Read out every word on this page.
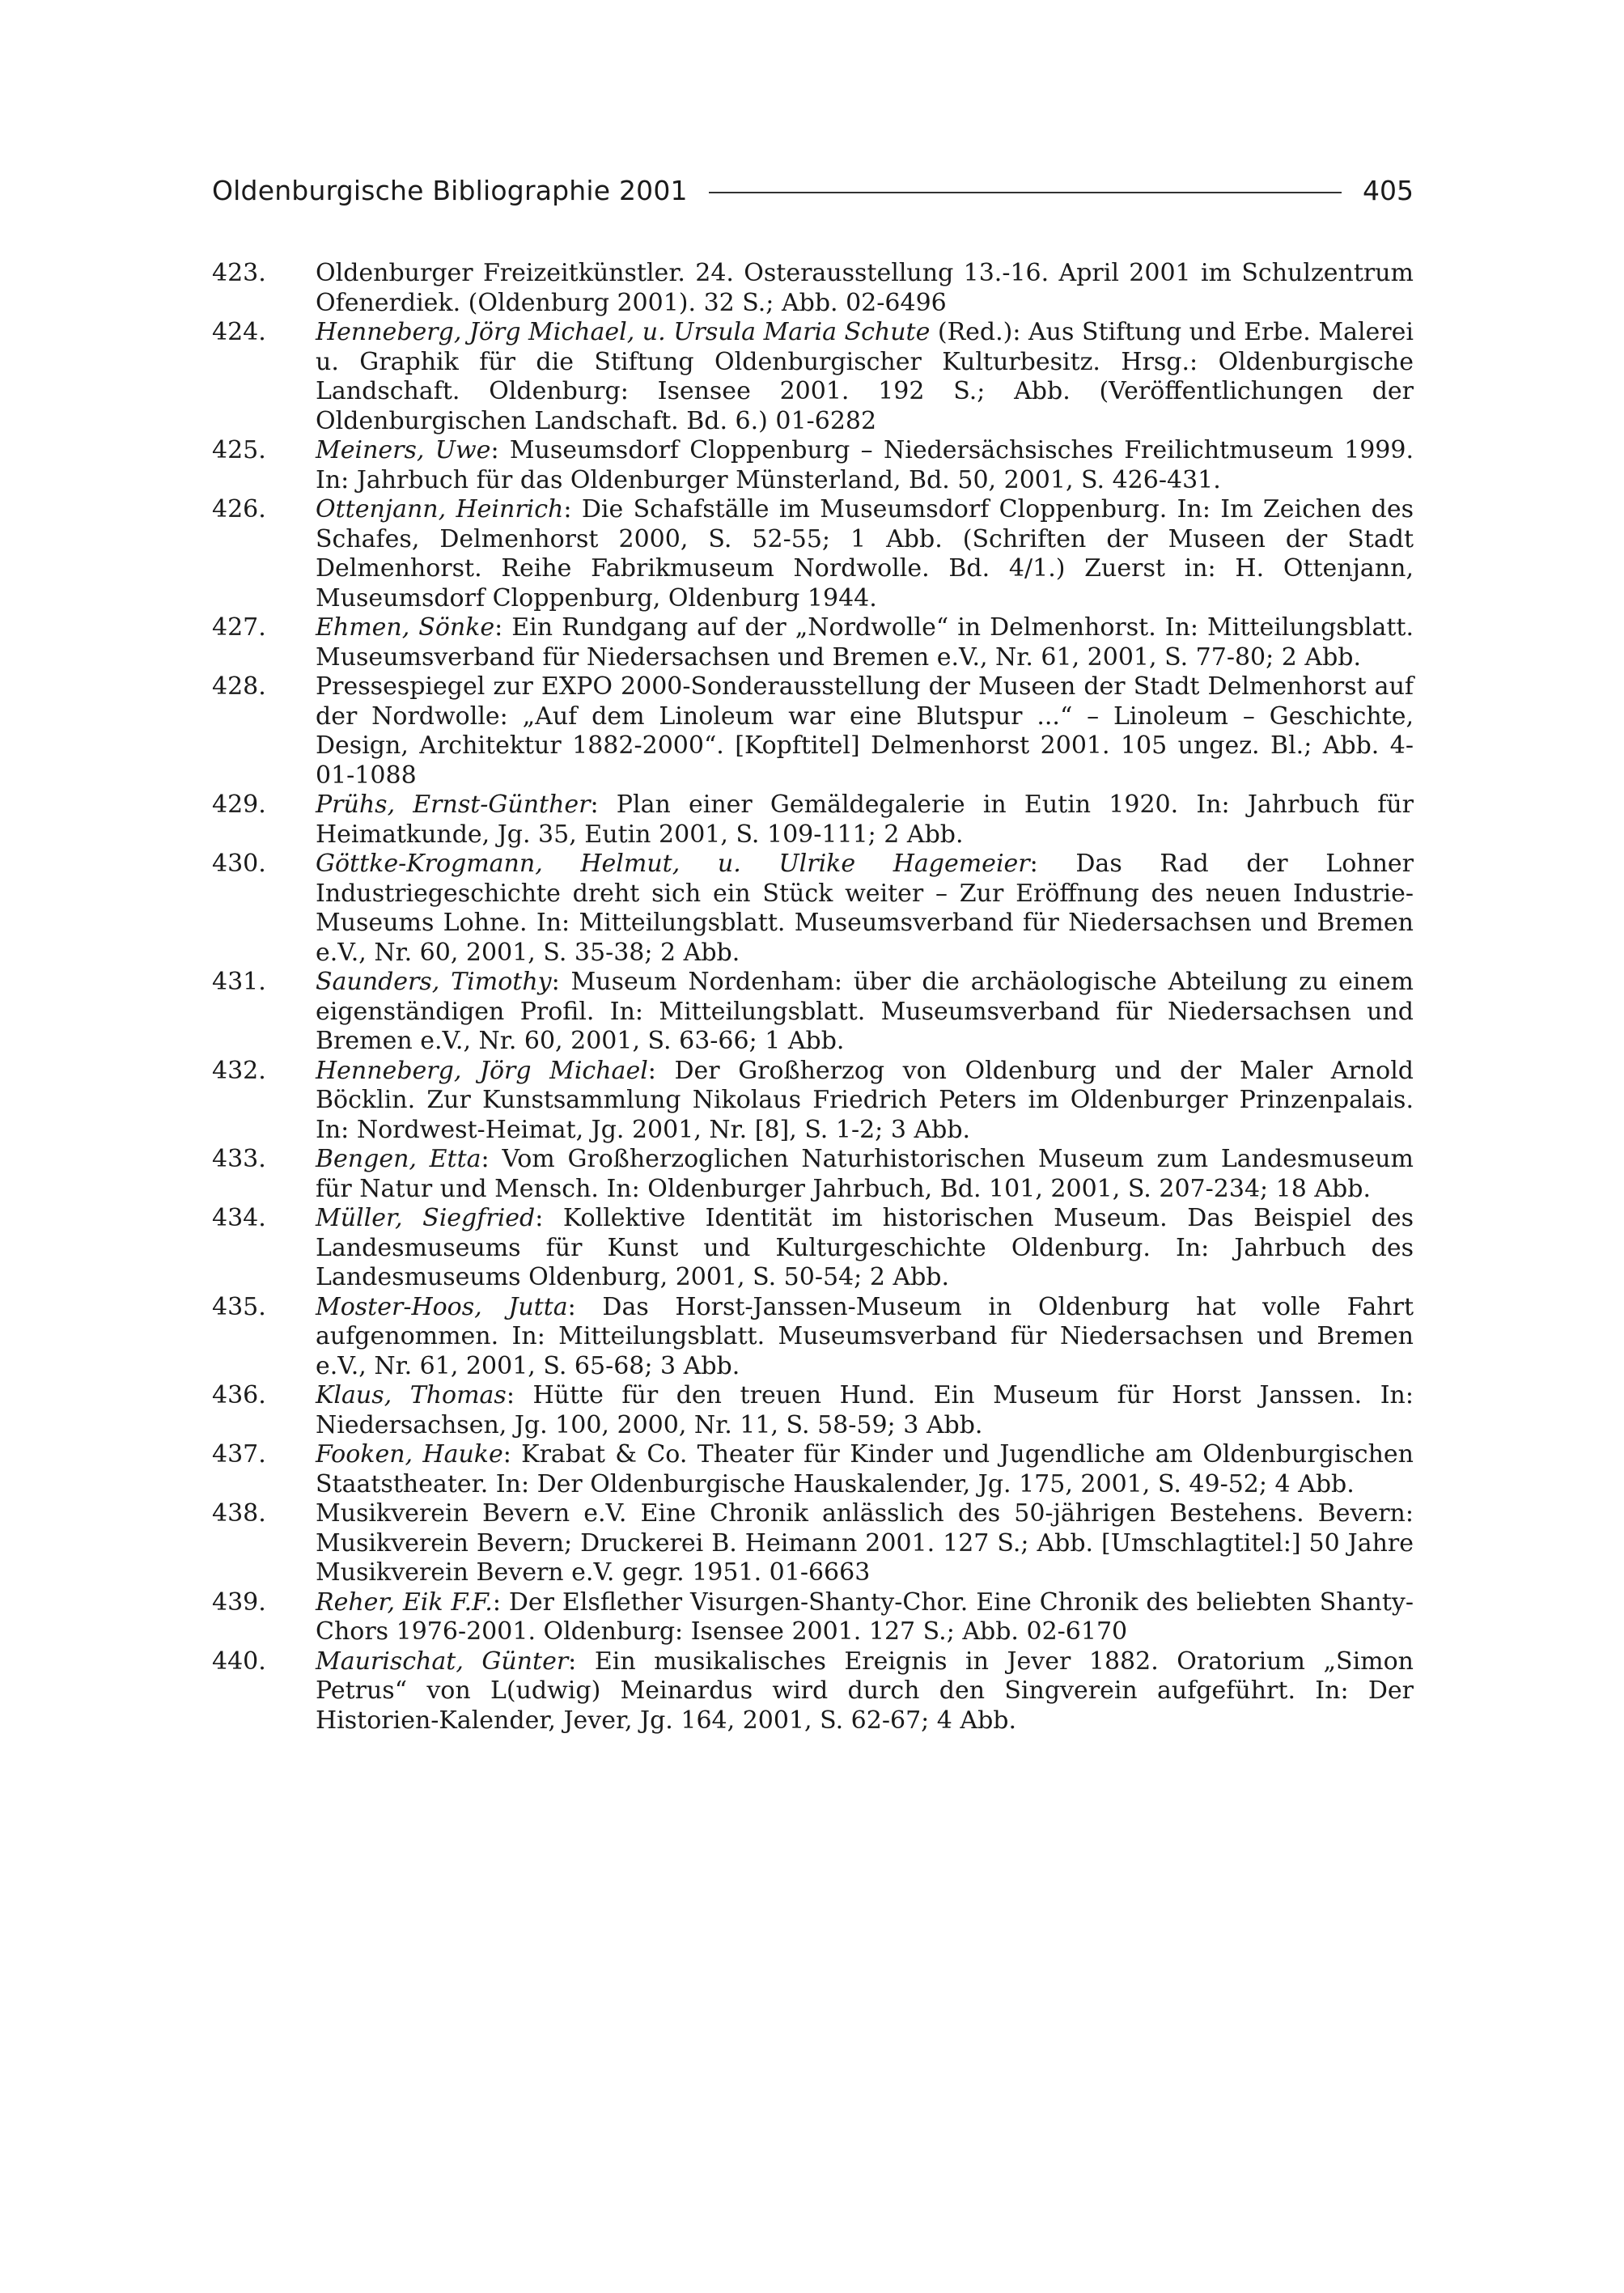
Oldenburgische Bibliographie 2001	405
423.	Oldenburger Freizeitkünstler. 24. Osterausstellung 13.-16. April 2001 im Schulzentrum Ofenerdiek. (Oldenburg 2001). 32 S.; Abb. 02-6496
424.	Henneberg, Jörg Michael, u. Ursula Maria Schute (Red.): Aus Stiftung und Erbe. Malerei u. Graphik für die Stiftung Oldenburgischer Kulturbesitz. Hrsg.: Oldenburgische Landschaft. Oldenburg: Isensee 2001. 192 S.; Abb. (Veröffentlichungen der Oldenburgischen Landschaft. Bd. 6.) 01-6282
425.	Meiners, Uwe: Museumsdorf Cloppenburg – Niedersächsisches Freilichtmuseum 1999. In: Jahrbuch für das Oldenburger Münsterland, Bd. 50, 2001, S. 426-431.
426.	Ottenjann, Heinrich: Die Schafställe im Museumsdorf Cloppenburg. In: Im Zeichen des Schafes, Delmenhorst 2000, S. 52-55; 1 Abb. (Schriften der Museen der Stadt Delmenhorst. Reihe Fabrikmuseum Nordwolle. Bd. 4/1.) Zuerst in: H. Ottenjann, Museumsdorf Cloppenburg, Oldenburg 1944.
427.	Ehmen, Sönke: Ein Rundgang auf der „Nordwolle“ in Delmenhorst. In: Mitteilungsblatt. Museumsverband für Niedersachsen und Bremen e.V., Nr. 61, 2001, S. 77-80; 2 Abb.
428.	Pressespiegel zur EXPO 2000-Sonderausstellung der Museen der Stadt Delmenhorst auf der Nordwolle: „Auf dem Linoleum war eine Blutspur ...“ – Linoleum – Geschichte, Design, Architektur 1882-2000“. [Kopftitel] Delmenhorst 2001. 105 ungez. Bl.; Abb. 4-01-1088
429.	Prühs, Ernst-Günther: Plan einer Gemäldegalerie in Eutin 1920. In: Jahrbuch für Heimatkunde, Jg. 35, Eutin 2001, S. 109-111; 2 Abb.
430.	Göttke-Krogmann, Helmut, u. Ulrike Hagemeier: Das Rad der Lohner Industriegeschichte dreht sich ein Stück weiter – Zur Eröffnung des neuen Industrie-Museums Lohne. In: Mitteilungsblatt. Museumsverband für Niedersachsen und Bremen e.V., Nr. 60, 2001, S. 35-38; 2 Abb.
431.	Saunders, Timothy: Museum Nordenham: über die archäologische Abteilung zu einem eigenständigen Profil. In: Mitteilungsblatt. Museumsverband für Niedersachsen und Bremen e.V., Nr. 60, 2001, S. 63-66; 1 Abb.
432.	Henneberg, Jörg Michael: Der Großherzog von Oldenburg und der Maler Arnold Böcklin. Zur Kunstsammlung Nikolaus Friedrich Peters im Oldenburger Prinzenpalais. In: Nordwest-Heimat, Jg. 2001, Nr. [8], S. 1-2; 3 Abb.
433.	Bengen, Etta: Vom Großherzoglichen Naturhistorischen Museum zum Landesmuseum für Natur und Mensch. In: Oldenburger Jahrbuch, Bd. 101, 2001, S. 207-234; 18 Abb.
434.	Müller, Siegfried: Kollektive Identität im historischen Museum. Das Beispiel des Landesmuseums für Kunst und Kulturgeschichte Oldenburg. In: Jahrbuch des Landesmuseums Oldenburg, 2001, S. 50-54; 2 Abb.
435.	Moster-Hoos, Jutta: Das Horst-Janssen-Museum in Oldenburg hat volle Fahrt aufgenommen. In: Mitteilungsblatt. Museumsverband für Niedersachsen und Bremen e.V., Nr. 61, 2001, S. 65-68; 3 Abb.
436.	Klaus, Thomas: Hütte für den treuen Hund. Ein Museum für Horst Janssen. In: Niedersachsen, Jg. 100, 2000, Nr. 11, S. 58-59; 3 Abb.
437.	Fooken, Hauke: Krabat & Co. Theater für Kinder und Jugendliche am Oldenburgischen Staatstheater. In: Der Oldenburgische Hauskalender, Jg. 175, 2001, S. 49-52; 4 Abb.
438.	Musikverein Bevern e.V. Eine Chronik anlässlich des 50-jährigen Bestehens. Bevern: Musikverein Bevern; Druckerei B. Heimann 2001. 127 S.; Abb. [Umschlagtitel:] 50 Jahre Musikverein Bevern e.V. gegr. 1951. 01-6663
439.	Reher, Eik F.F.: Der Elsflether Visurgen-Shanty-Chor. Eine Chronik des beliebten Shanty-Chors 1976-2001. Oldenburg: Isensee 2001. 127 S.; Abb. 02-6170
440.	Maurischat, Günter: Ein musikalisches Ereignis in Jever 1882. Oratorium „Simon Petrus“ von L(udwig) Meinardus wird durch den Singverein aufgeführt. In: Der Historien-Kalender, Jever, Jg. 164, 2001, S. 62-67; 4 Abb.
